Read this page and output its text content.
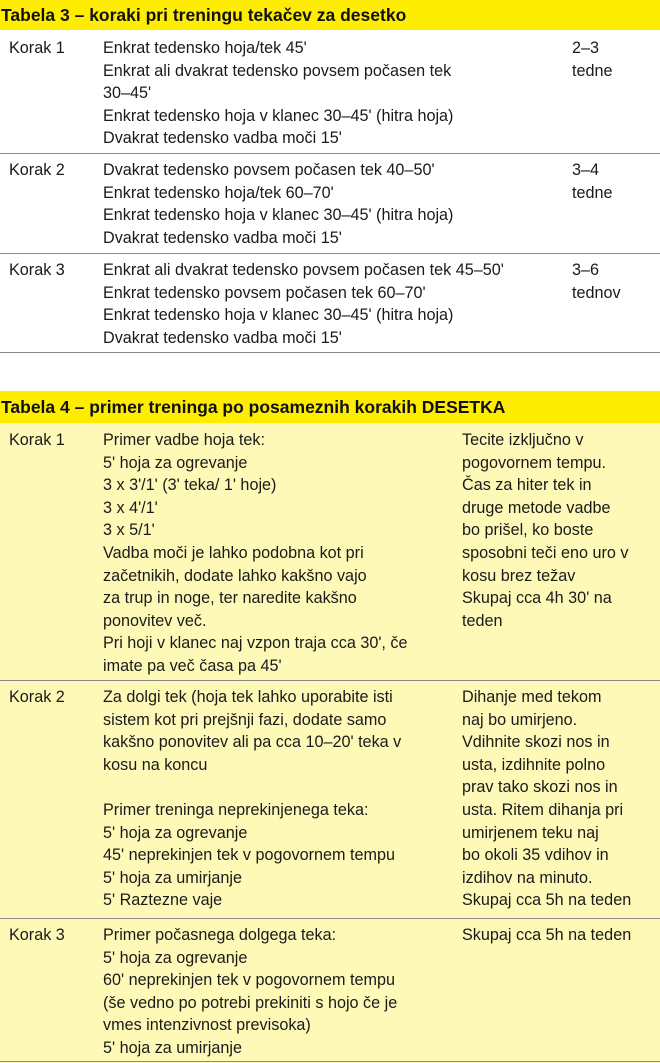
Tabela 3 – koraki pri treningu tekačev za desetko
Korak 1 Enkrat tedensko hoja/tek 45'
Enkrat ali dvakrat tedensko povsem počasen tek
30–45'
Enkrat tedensko hoja v klanec 30–45' (hitra hoja)
Dvakrat tedensko vadba moči 15'
2–3
tedne
Korak 2 Dvakrat tedensko povsem počasen tek 40–50'
Enkrat tedensko hoja/tek 60–70'
Enkrat tedensko hoja v klanec 30–45' (hitra hoja)
Dvakrat tedensko vadba moči 15'
3–4
tedne
Korak 3 Enkrat ali dvakrat tedensko povsem počasen tek 45–50'
Enkrat tedensko povsem počasen tek 60–70'
Enkrat tedensko hoja v klanec 30–45' (hitra hoja)
Dvakrat tedensko vadba moči 15'
3–6
tednov
Tabela 4 – primer treninga po posameznih korakih DESETKA
Korak 1 Primer vadbe hoja tek:
5' hoja za ogrevanje
3 x 3'/1' (3' teka/ 1' hoje)
3 x 4'/1'
3 x 5/1'
Vadba moči je lahko podobna kot pri
začetnikih, dodate lahko kakšno vajo
za trup in noge, ter naredite kakšno
ponovitev več.
Pri hoji v klanec naj vzpon traja cca 30', če
imate pa več časa pa 45'
Tecite izključno v
pogovornem tempu.
Čas za hiter tek in
druge metode vadbe
bo prišel, ko boste
sposobni teči eno uro v
kosu brez težav
Skupaj cca 4h 30' na
teden
Korak 2 Za dolgi tek (hoja tek lahko uporabite isti
sistem kot pri prejšnji fazi, dodate samo
kakšno ponovitev ali pa cca 10–20' teka v
kosu na koncu
Primer treninga neprekinjenega teka:
5' hoja za ogrevanje
45' neprekinjen tek v pogovornem tempu
5' hoja za umirjanje
5' Raztezne vaje
Dihanje med tekom
naj bo umirjeno.
Vdihnite skozi nos in
usta, izdihnite polno
prav tako skozi nos in
usta. Ritem dihanja pri
umirjenem teku naj
bo okoli 35 vdihov in
izdihov na minuto.
Skupaj cca 5h na teden
Korak 3 Primer počasnega dolgega teka:
5' hoja za ogrevanje
60' neprekinjen tek v pogovornem tempu
(še vedno po potrebi prekiniti s hojo če je
vmes intenzivnost previsoka)
5' hoja za umirjanje
Skupaj cca 5h na teden
